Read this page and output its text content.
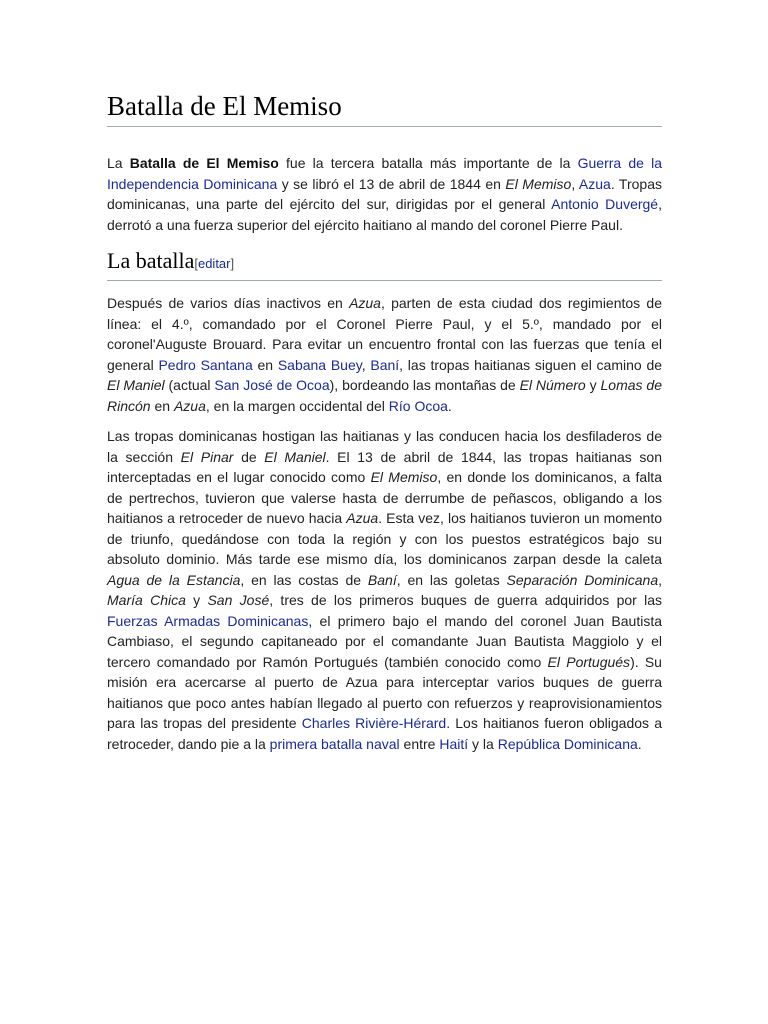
Batalla de El Memiso

La Batalla de El Memiso fue la tercera batalla más importante de la Guerra de la Independencia Dominicana y se libró el 13 de abril de 1844 en El Memiso, Azua. Tropas dominicanas, una parte del ejército del sur, dirigidas por el general Antonio Duvergé, derrotó a una fuerza superior del ejército haitiano al mando del coronel Pierre Paul.

La batalla[editar]

Después de varios días inactivos en Azua, parten de esta ciudad dos regimientos de línea: el 4.º, comandado por el Coronel Pierre Paul, y el 5.º, mandado por el coronel'Auguste Brouard. Para evitar un encuentro frontal con las fuerzas que tenía el general Pedro Santana en Sabana Buey, Baní, las tropas haitianas siguen el camino de El Maniel (actual San José de Ocoa), bordeando las montañas de El Número y Lomas de Rincón en Azua, en la margen occidental del Río Ocoa.

Las tropas dominicanas hostigan las haitianas y las conducen hacia los desfiladeros de la sección El Pinar de El Maniel. El 13 de abril de 1844, las tropas haitianas son interceptadas en el lugar conocido como El Memiso, en donde los dominicanos, a falta de pertrechos, tuvieron que valerse hasta de derrumbe de peñascos, obligando a los haitianos a retroceder de nuevo hacia Azua. Esta vez, los haitianos tuvieron un momento de triunfo, quedándose con toda la región y con los puestos estratégicos bajo su absoluto dominio. Más tarde ese mismo día, los dominicanos zarpan desde la caleta Agua de la Estancia, en las costas de Baní, en las goletas Separación Dominicana, María Chica y San José, tres de los primeros buques de guerra adquiridos por las Fuerzas Armadas Dominicanas, el primero bajo el mando del coronel Juan Bautista Cambiaso, el segundo capitaneado por el comandante Juan Bautista Maggiolo y el tercero comandado por Ramón Portugués (también conocido como El Portugués). Su misión era acercarse al puerto de Azua para interceptar varios buques de guerra haitianos que poco antes habían llegado al puerto con refuerzos y reaprovisionamientos para las tropas del presidente Charles Rivière-Hérard. Los haitianos fueron obligados a retroceder, dando pie a la primera batalla naval entre Haití y la República Dominicana.
